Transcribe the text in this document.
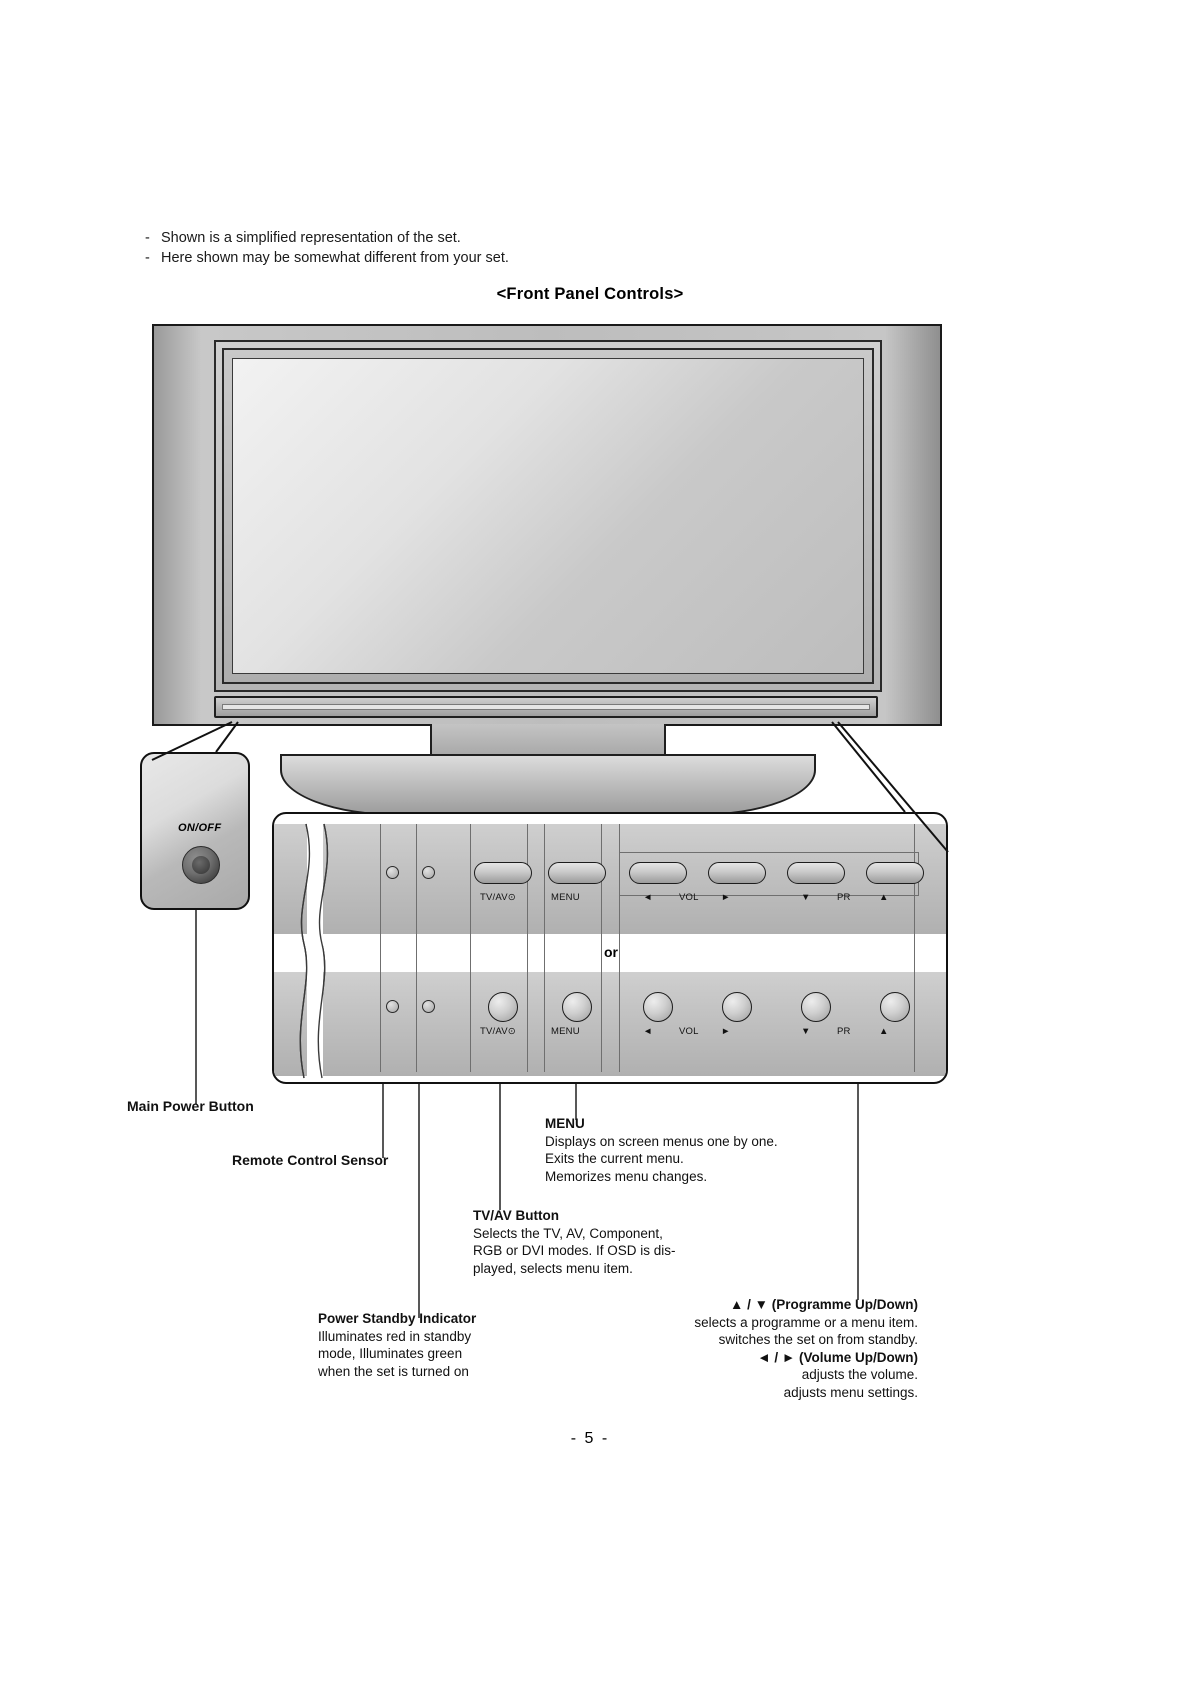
- Shown is a simplified representation of the set.
- Here shown may be somewhat different from your set.
<Front Panel Controls>
ON/OFF
TV/AV⊙	MENU	◄	VOL ►	▼	PR	▲
or
TV/AV⊙	MENU	◄	VOL ►	▼	PR	▲
Main Power Button
Remote Control Sensor
MENU
Displays on screen menus one by one.
Exits the current menu.
Memorizes menu changes.
TV/AV Button
Selects the TV, AV, Component,
RGB or DVI modes. If OSD is dis-
played, selects menu item.
Power Standby Indicator
Illuminates red in standby
mode, Illuminates green
when the set is turned on
▲ / ▼ (Programme Up/Down)
selects a programme or a menu item.
switches the set on from standby.
◄ / ► (Volume Up/Down)
adjusts the volume.
adjusts menu settings.
- 5 -
